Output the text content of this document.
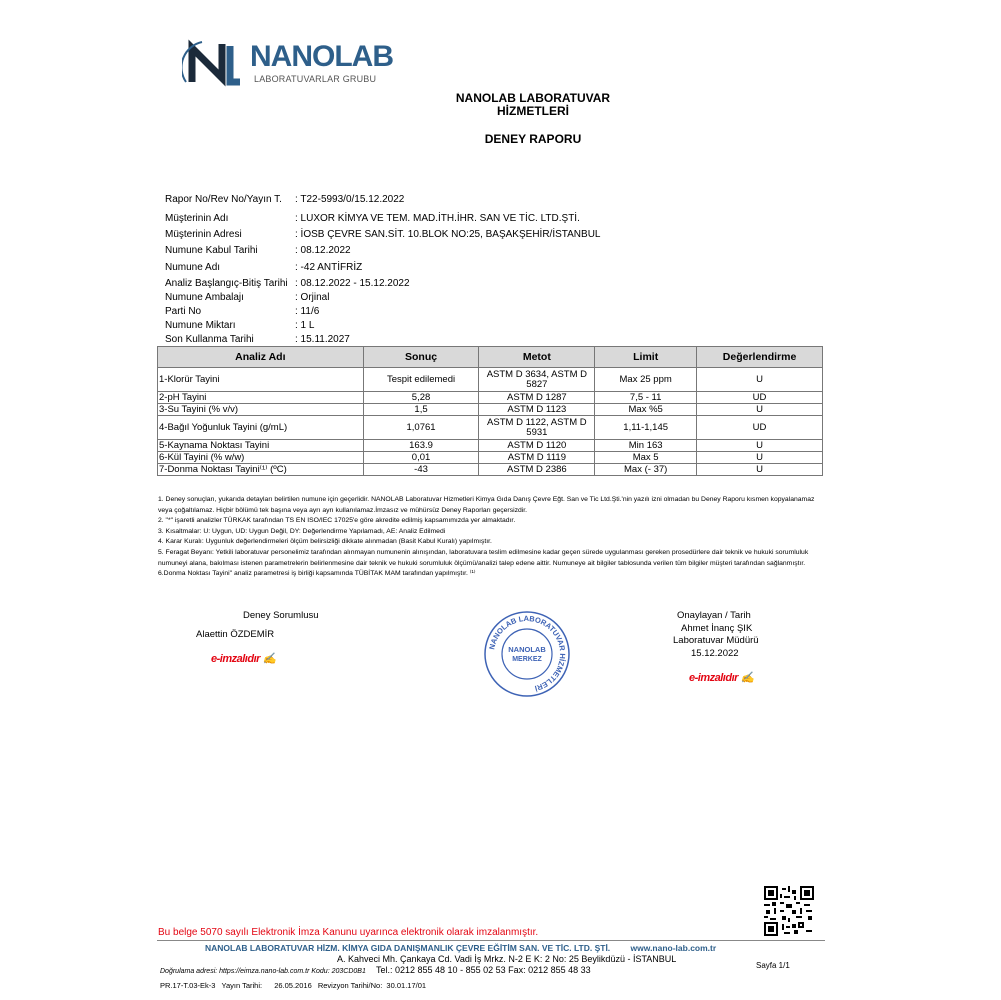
NANOLAB
LABORATUVARLAR GRUBU
NANOLAB LABORATUVAR
HİZMETLERİ
DENEY RAPORU
Rapor No/Rev No/Yayın T. : T22-5993/0/15.12.2022
Müşterinin Adı	: LUXOR KİMYA VE TEM. MAD.İTH.İHR. SAN VE TİC. LTD.ŞTİ.
Müşterinin Adresi	: İOSB ÇEVRE SAN.SİT. 10.BLOK NO:25, BAŞAKŞEHİR/İSTANBUL
Numune Kabul Tarihi	: 08.12.2022
Numune Adı	: -42 ANTİFRİZ
Analiz Başlangıç-Bitiş Tarihi : 08.12.2022 - 15.12.2022
Numune Ambalajı	: Orjinal
Parti No	: 11/6
Numune Miktarı	: 1 L
Son Kullanma Tarihi	: 15.11.2027
Analiz Adı	Sonuç	Metot	Limit	Değerlendirme
1-Klorür Tayini	Tespit edilemedi	ASTM D 3634, ASTM D 5827	Max 25 ppm	U
2-pH Tayini	5,28	ASTM D 1287	7,5 - 11	UD
3-Su Tayini (% v/v)	1,5	ASTM D 1123	Max %5	U
4-Bağıl Yoğunluk Tayini (g/mL)	1,0761	ASTM D 1122, ASTM D 5931	1,11-1,145	UD
5-Kaynama Noktası Tayini	163.9	ASTM D 1120	Min 163	U
6-Kül Tayini (% w/w)	0,01	ASTM D 1119	Max 5	U
7-Donma Noktası Tayini⁽¹⁾ (ºC)	-43	ASTM D 2386	Max (- 37)	U
1. Deney sonuçları, yukarıda detayları belirtilen numune için geçerlidir. NANOLAB Laboratuvar Hizmetleri Kimya Gıda Danış Çevre Eğt. San ve Tic Ltd.Şti.'nin yazılı izni olmadan bu Deney Raporu kısmen kopyalanamaz veya çoğaltılamaz. Hiçbir bölümü tek başına veya ayrı ayrı kullanılamaz.İmzasız ve mühürsüz Deney Raporları geçersizdir.
2. "*" işaretli analizler TÜRKAK tarafından TS EN ISO/IEC 17025'e göre akredite edilmiş kapsamımızda yer almaktadır.
3. Kısaltmalar: U: Uygun, UD: Uygun Değil, DY: Değerlendirme Yapılamadı, AE: Analiz Edilmedi
4. Karar Kuralı: Uygunluk değerlendirmeleri ölçüm belirsizliği dikkate alınmadan (Basit Kabul Kuralı) yapılmıştır.
5. Feragat Beyanı: Yetkili laboratuvar personelimiz tarafından alınmayan numunenin alınışından, laboratuvara teslim edilmesine kadar geçen sürede uygulanması gereken prosedürlere dair teknik ve hukuki sorumluluk numuneyi alana, bakılması istenen parametrelerin belirlenmesine dair teknik ve hukuki sorumluluk ölçümü/analizi talep edene aittir. Numuneye ait bilgiler tablosunda verilen tüm bilgiler müşteri tarafından sağlanmıştır.
6.Donma Noktası Tayini" analiz parametresi iş birliği kapsamında TÜBİTAK MAM tarafından yapılmıştır. ⁽¹⁾
Deney Sorumlusu
Alaettin ÖZDEMİR
e-imzalıdır ✍
NANOLAB LABORATUVAR HİZMETLERİ
NANOLAB
MERKEZ
Onaylayan / Tarih
Ahmet İnanç ŞIK
Laboratuvar Müdürü
15.12.2022
e-imzalıdır ✍
Bu belge 5070 sayılı Elektronik İmza Kanunu uyarınca elektronik olarak imzalanmıştır.
NANOLAB LABORATUVAR HİZM. KİMYA GIDA DANIŞMANLIK ÇEVRE EĞİTİM SAN. VE TİC. LTD. ŞTİ. www.nano-lab.com.tr
A. Kahveci Mh. Çankaya Cd. Vadi İş Mrkz. N-2 E K: 2 No: 25 Beylikdüzü - İSTANBUL
Doğrulama adresi: https://eimza.nano-lab.com.tr Kodu: 203CD0B1 Tel.: 0212 855 48 10 - 855 02 53 Fax: 0212 855 48 33	Sayfa 1/1
PR.17-T.03-Ek-3 Yayın Tarihi: 26.05.2016 Revizyon Tarihi/No: 30.01.17/01
